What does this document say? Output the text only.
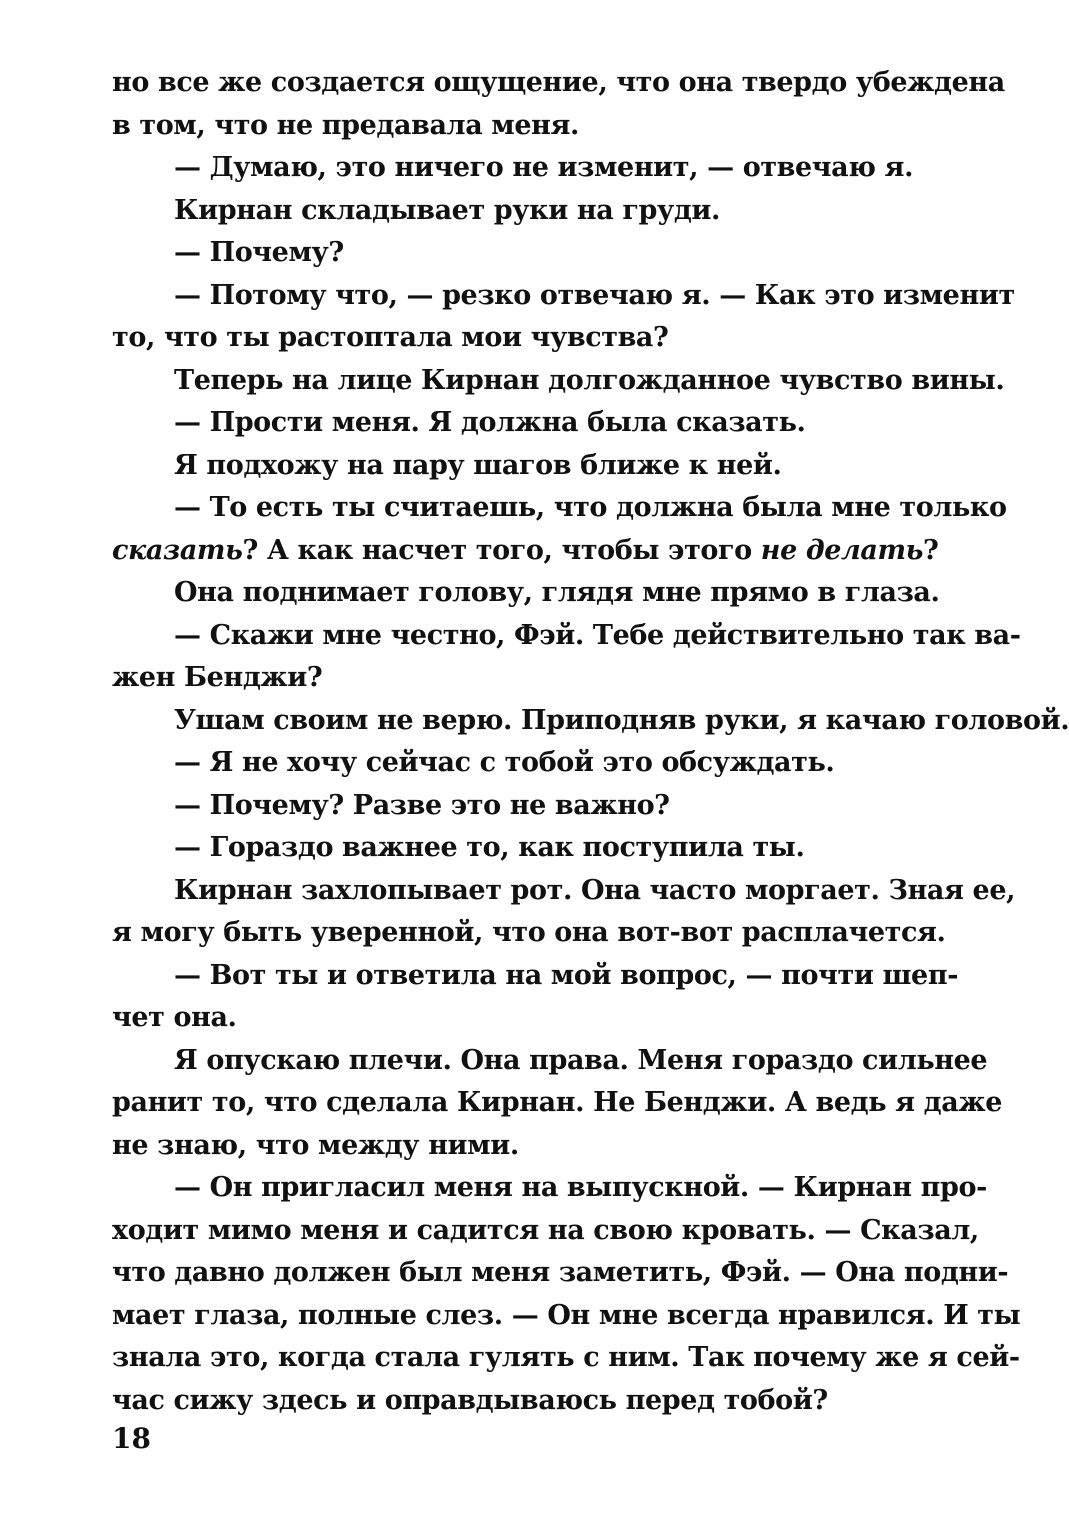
но все же создается ощущение, что она твердо убеждена
в том, что не предавала меня.
— Думаю, это ничего не изменит, — отвечаю я.
Кирнан складывает руки на груди.
— Почему?
— Потому что, — резко отвечаю я. — Как это изменит
то, что ты растоптала мои чувства?
Теперь на лице Кирнан долгожданное чувство вины.
— Прости меня. Я должна была сказать.
Я подхожу на пару шагов ближе к ней.
— То есть ты считаешь, что должна была мне только
сказать? А как насчет того, чтобы этого не делать?
Она поднимает голову, глядя мне прямо в глаза.
— Скажи мне честно, Фэй. Тебе действительно так ва-
жен Бенджи?
Ушам своим не верю. Приподняв руки, я качаю головой.
— Я не хочу сейчас с тобой это обсуждать.
— Почему? Разве это не важно?
— Гораздо важнее то, как поступила ты.
Кирнан захлопывает рот. Она часто моргает. Зная ее,
я могу быть уверенной, что она вот-вот расплачется.
— Вот ты и ответила на мой вопрос, — почти шеп-
чет она.
Я опускаю плечи. Она права. Меня гораздо сильнее
ранит то, что сделала Кирнан. Не Бенджи. А ведь я даже
не знаю, что между ними.
— Он пригласил меня на выпускной. — Кирнан про-
ходит мимо меня и садится на свою кровать. — Сказал,
что давно должен был меня заметить, Фэй. — Она подни-
мает глаза, полные слез. — Он мне всегда нравился. И ты
знала это, когда стала гулять с ним. Так почему же я сей-
час сижу здесь и оправдываюсь перед тобой?
18
